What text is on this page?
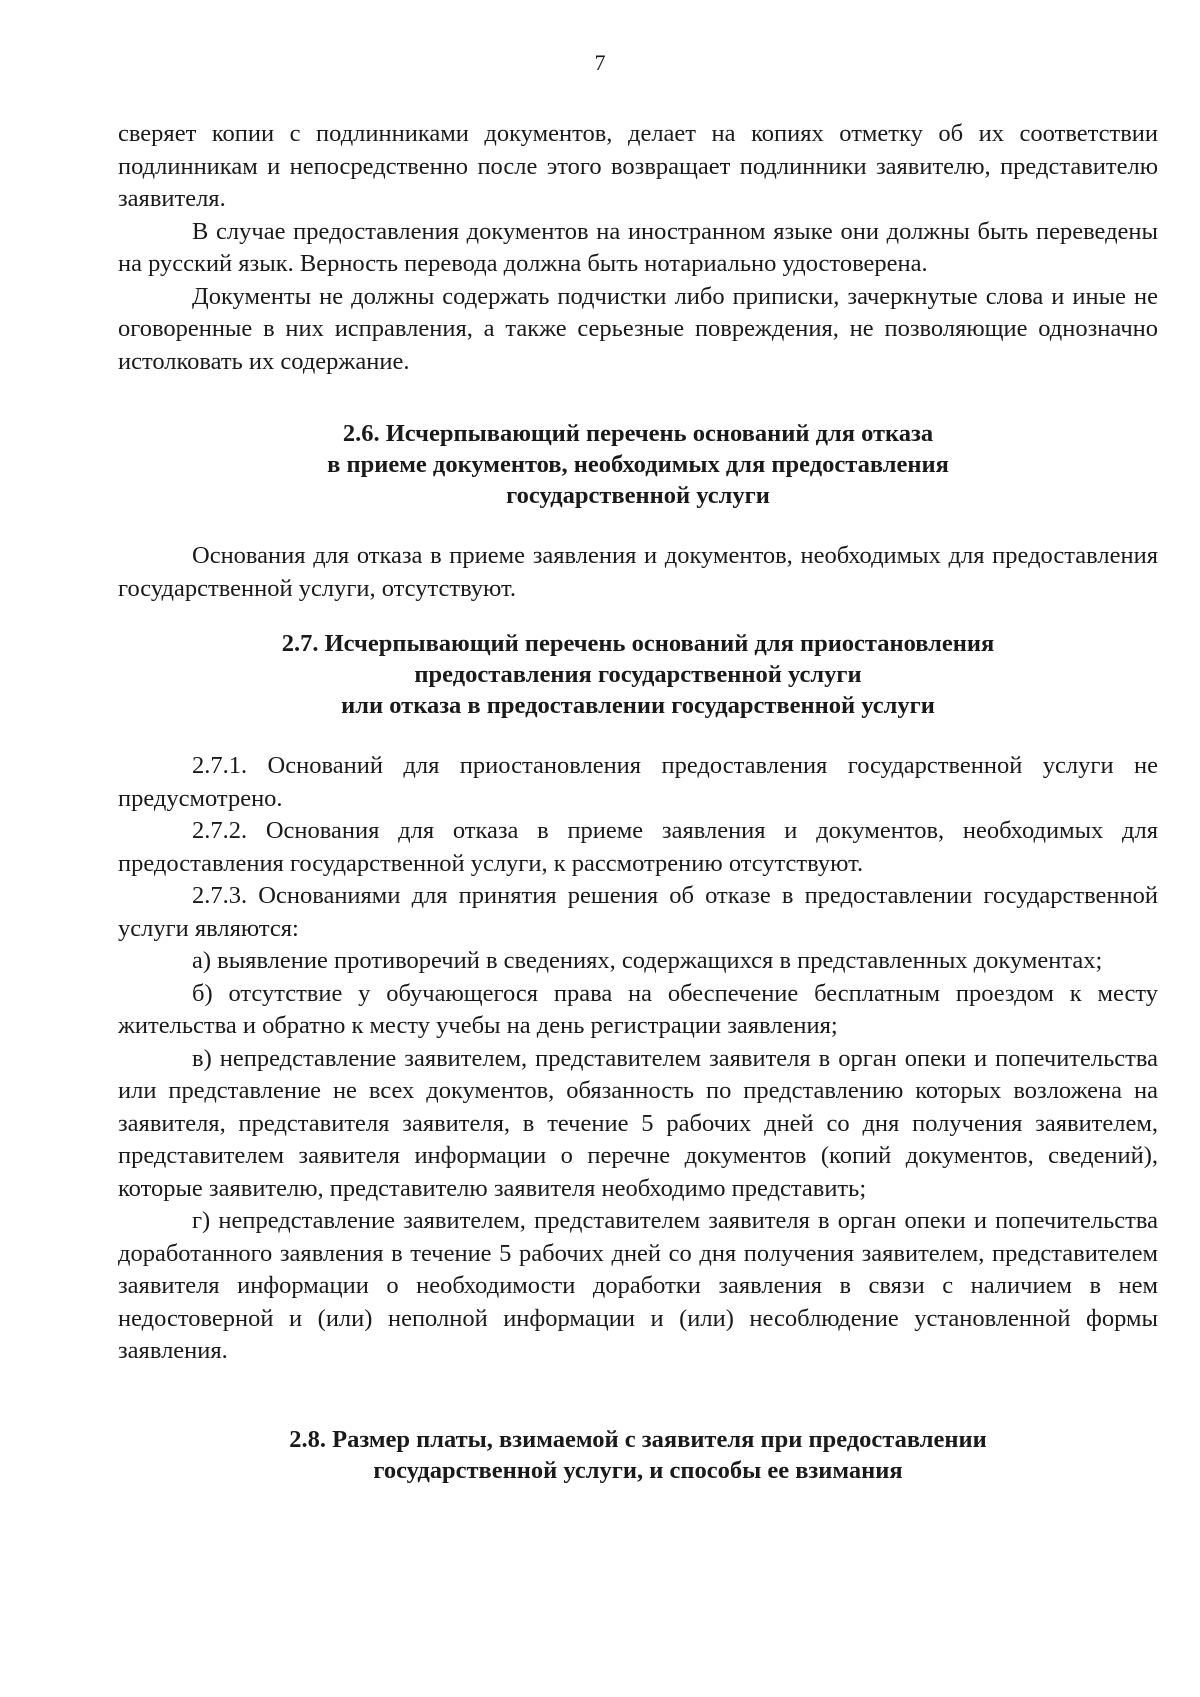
7

сверяет копии с подлинниками документов, делает на копиях отметку об их соответствии подлинникам и непосредственно после этого возвращает подлинники заявителю, представителю заявителя.

В случае предоставления документов на иностранном языке они должны быть переведены на русский язык. Верность перевода должна быть нотариально удостоверена.

Документы не должны содержать подчистки либо приписки, зачеркнутые слова и иные не оговоренные в них исправления, а также серьезные повреждения, не позволяющие однозначно истолковать их содержание.

2.6. Исчерпывающий перечень оснований для отказа
в приеме документов, необходимых для предоставления
государственной услуги

Основания для отказа в приеме заявления и документов, необходимых для предоставления государственной услуги, отсутствуют.

2.7. Исчерпывающий перечень оснований для приостановления
предоставления государственной услуги
или отказа в предоставлении государственной услуги

2.7.1. Оснований для приостановления предоставления государственной услуги не предусмотрено.

2.7.2. Основания для отказа в приеме заявления и документов, необходимых для предоставления государственной услуги, к рассмотрению отсутствуют.

2.7.3. Основаниями для принятия решения об отказе в предоставлении государственной услуги являются:

а) выявление противоречий в сведениях, содержащихся в представленных документах;

б) отсутствие у обучающегося права на обеспечение бесплатным проездом к месту жительства и обратно к месту учебы на день регистрации заявления;

в) непредставление заявителем, представителем заявителя в орган опеки и попечительства или представление не всех документов, обязанность по представлению которых возложена на заявителя, представителя заявителя, в течение 5 рабочих дней со дня получения заявителем, представителем заявителя информации о перечне документов (копий документов, сведений), которые заявителю, представителю заявителя необходимо представить;

г) непредставление заявителем, представителем заявителя в орган опеки и попечительства доработанного заявления в течение 5 рабочих дней со дня получения заявителем, представителем заявителя информации о необходимости доработки заявления в связи с наличием в нем недостоверной и (или) неполной информации и (или) несоблюдение установленной формы заявления.

2.8. Размер платы, взимаемой с заявителя при предоставлении
государственной услуги, и способы ее взимания
